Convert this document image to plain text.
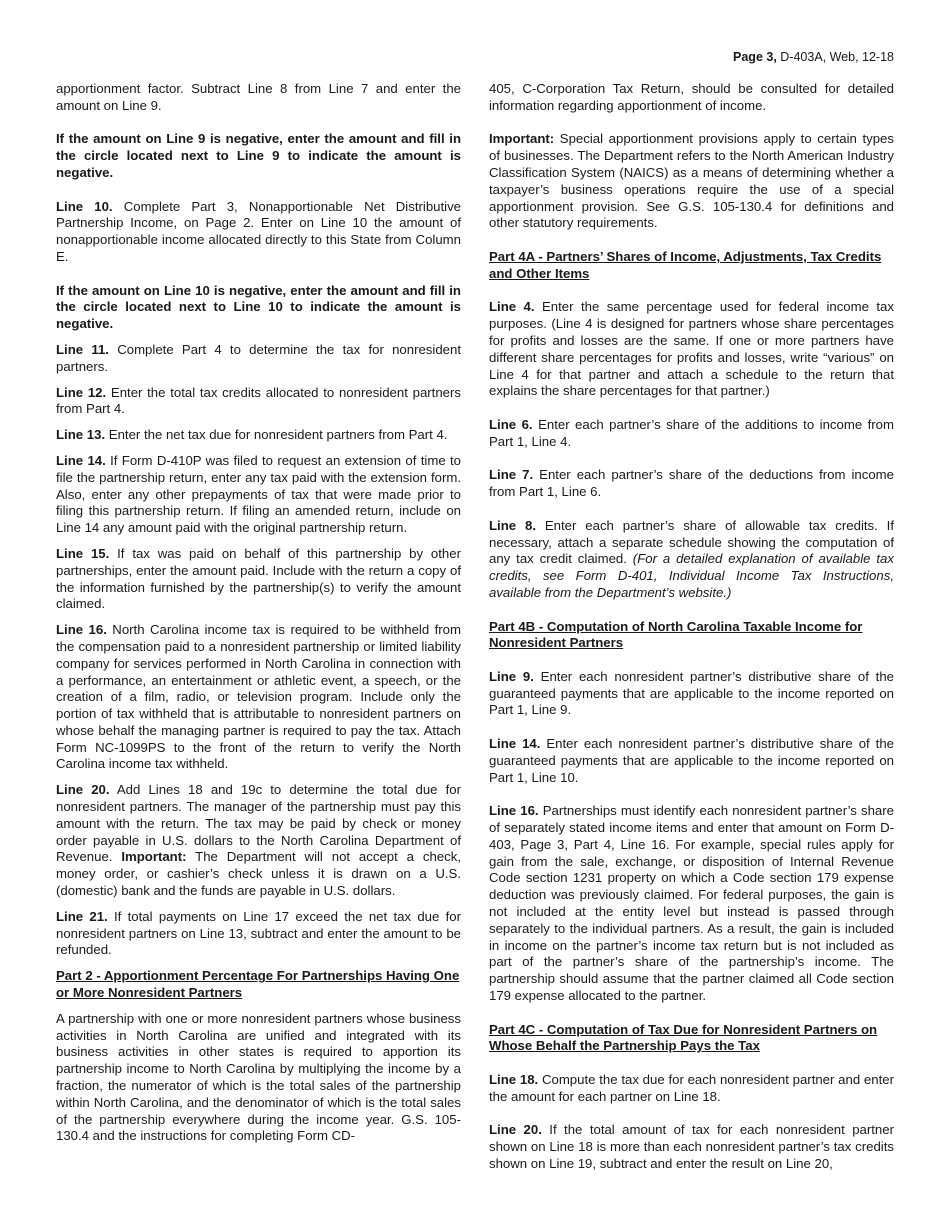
Page 3, D-403A, Web, 12-18

apportionment factor. Subtract Line 8 from Line 7 and enter the amount on Line 9.

If the amount on Line 9 is negative, enter the amount and fill in the circle located next to Line 9 to indicate the amount is negative.

Line 10. Complete Part 3, Nonapportionable Net Distributive Partnership Income, on Page 2. Enter on Line 10 the amount of nonapportionable income allocated directly to this State from Column E.

If the amount on Line 10 is negative, enter the amount and fill in the circle located next to Line 10 to indicate the amount is negative.

Line 11. Complete Part 4 to determine the tax for nonresident partners.

Line 12. Enter the total tax credits allocated to nonresident partners from Part 4.

Line 13. Enter the net tax due for nonresident partners from Part 4.

Line 14. If Form D-410P was filed to request an extension of time to file the partnership return, enter any tax paid with the extension form. Also, enter any other prepayments of tax that were made prior to filing this partnership return. If filing an amended return, include on Line 14 any amount paid with the original partnership return.

Line 15. If tax was paid on behalf of this partnership by other partnerships, enter the amount paid. Include with the return a copy of the information furnished by the partnership(s) to verify the amount claimed.

Line 16. North Carolina income tax is required to be withheld from the compensation paid to a nonresident partnership or limited liability company for services performed in North Carolina in connection with a performance, an entertainment or athletic event, a speech, or the creation of a film, radio, or television program. Include only the portion of tax withheld that is attributable to nonresident partners on whose behalf the managing partner is required to pay the tax. Attach Form NC-1099PS to the front of the return to verify the North Carolina income tax withheld.

Line 20. Add Lines 18 and 19c to determine the total due for nonresident partners. The manager of the partnership must pay this amount with the return. The tax may be paid by check or money order payable in U.S. dollars to the North Carolina Department of Revenue. Important: The Department will not accept a check, money order, or cashier’s check unless it is drawn on a U.S. (domestic) bank and the funds are payable in U.S. dollars.

Line 21. If total payments on Line 17 exceed the net tax due for nonresident partners on Line 13, subtract and enter the amount to be refunded.

Part 2 - Apportionment Percentage For Partnerships Having One or More Nonresident Partners

A partnership with one or more nonresident partners whose business activities in North Carolina are unified and integrated with its business activities in other states is required to apportion its partnership income to North Carolina by multiplying the income by a fraction, the numerator of which is the total sales of the partnership within North Carolina, and the denominator of which is the total sales of the partnership everywhere during the income year. G.S. 105-130.4 and the instructions for completing Form CD-

405, C-Corporation Tax Return, should be consulted for detailed information regarding apportionment of income.

Important: Special apportionment provisions apply to certain types of businesses. The Department refers to the North American Industry Classification System (NAICS) as a means of determining whether a taxpayer’s business operations require the use of a special apportionment provision. See G.S. 105-130.4 for definitions and other statutory requirements.

Part 4A - Partners’ Shares of Income, Adjustments, Tax Credits and Other Items

Line 4. Enter the same percentage used for federal income tax purposes. (Line 4 is designed for partners whose share percentages for profits and losses are the same. If one or more partners have different share percentages for profits and losses, write “various” on Line 4 for that partner and attach a schedule to the return that explains the share percentages for that partner.)

Line 6. Enter each partner’s share of the additions to income from Part 1, Line 4.

Line 7. Enter each partner’s share of the deductions from income from Part 1, Line 6.

Line 8. Enter each partner’s share of allowable tax credits. If necessary, attach a separate schedule showing the computation of any tax credit claimed. (For a detailed explanation of available tax credits, see Form D-401, Individual Income Tax Instructions, available from the Department’s website.)

Part 4B - Computation of North Carolina Taxable Income for Nonresident Partners

Line 9. Enter each nonresident partner’s distributive share of the guaranteed payments that are applicable to the income reported on Part 1, Line 9.

Line 14. Enter each nonresident partner’s distributive share of the guaranteed payments that are applicable to the income reported on Part 1, Line 10.

Line 16. Partnerships must identify each nonresident partner’s share of separately stated income items and enter that amount on Form D-403, Page 3, Part 4, Line 16. For example, special rules apply for gain from the sale, exchange, or disposition of Internal Revenue Code section 1231 property on which a Code section 179 expense deduction was previously claimed. For federal purposes, the gain is not included at the entity level but instead is passed through separately to the individual partners. As a result, the gain is included in income on the partner’s income tax return but is not included as part of the partner’s share of the partnership’s income. The partnership should assume that the partner claimed all Code section 179 expense allocated to the partner.

Part 4C - Computation of Tax Due for Nonresident Partners on Whose Behalf the Partnership Pays the Tax

Line 18. Compute the tax due for each nonresident partner and enter the amount for each partner on Line 18.

Line 20. If the total amount of tax for each nonresident partner shown on Line 18 is more than each nonresident partner’s tax credits shown on Line 19, subtract and enter the result on Line 20,
